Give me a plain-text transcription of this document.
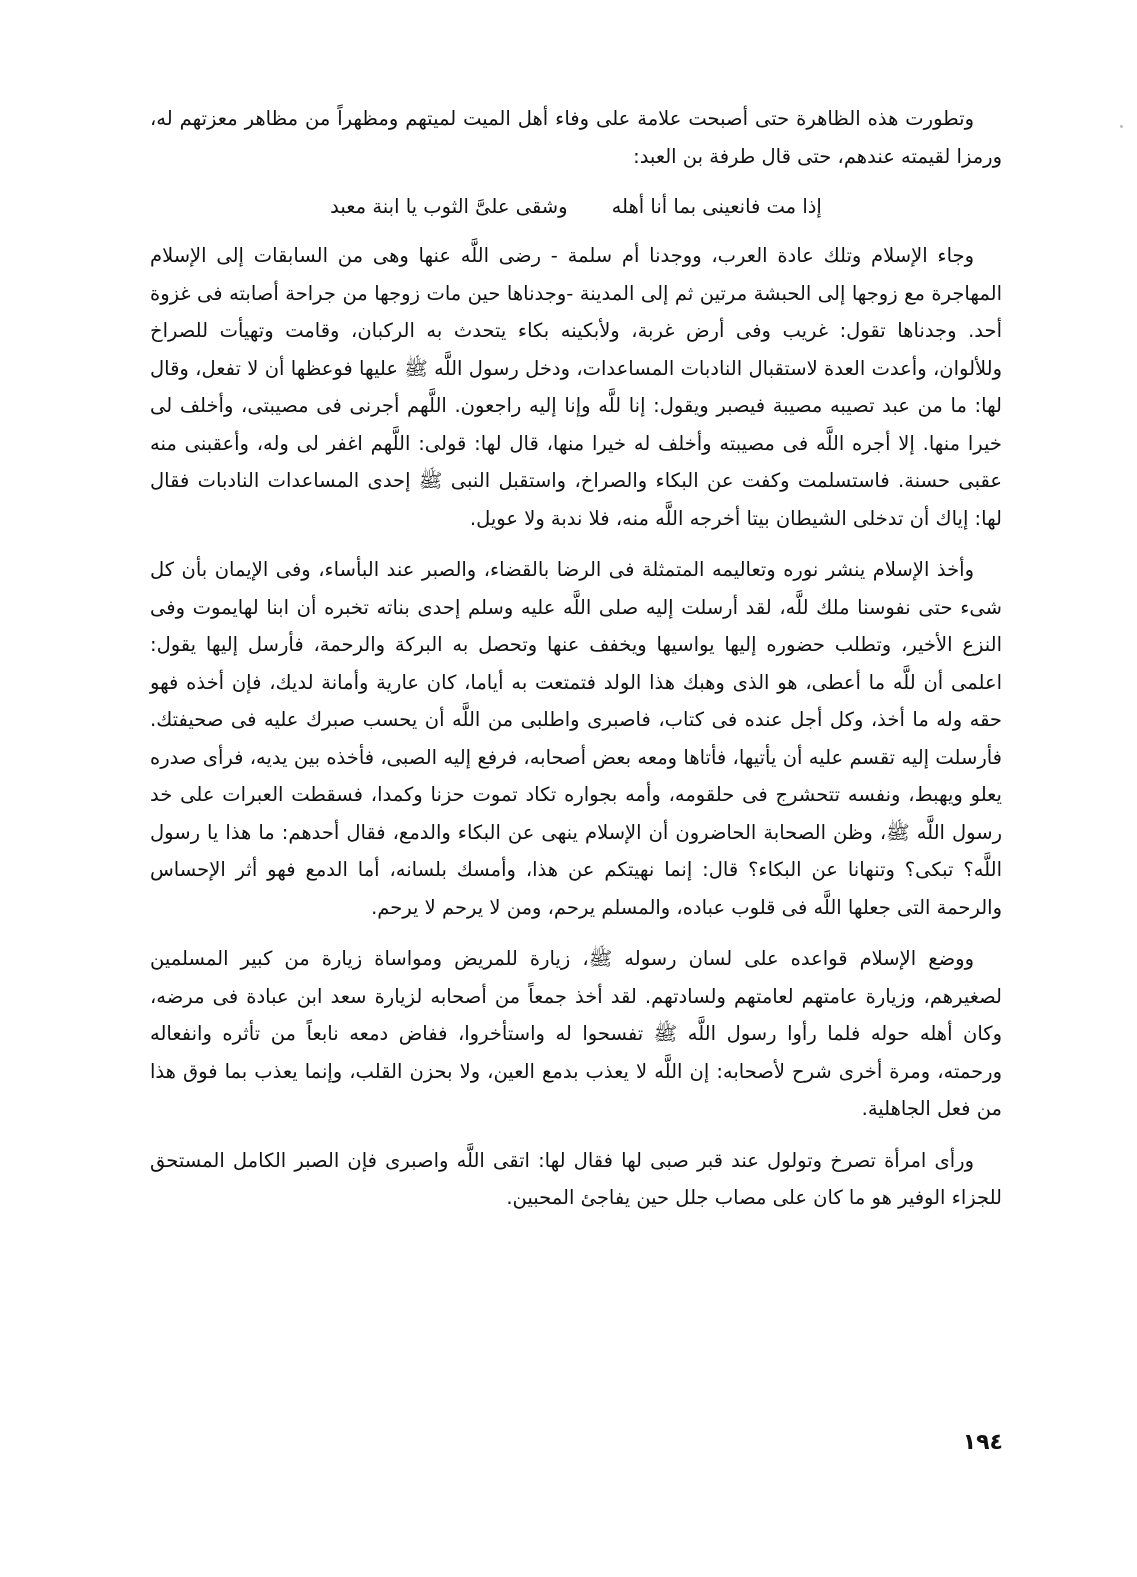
وتطورت هذه الظاهرة حتى أصبحت علامة على وفاء أهل الميت لميتهم ومظهراً من مظاهر معزتهم له، ورمزا لقيمته عندهم، حتى قال طرفة بن العبد:

إذا مت فانعينى بما أنا أهله
وشقى علىَّ الثوب يا ابنة معبد

وجاء الإسلام وتلك عادة العرب، ووجدنا أم سلمة - رضى اللَّه عنها وهى من السابقات إلى الإسلام المهاجرة مع زوجها إلى الحبشة مرتين ثم إلى المدينة -وجدناها حين مات زوجها من جراحة أصابته فى غزوة أحد. وجدناها تقول: غريب وفى أرض غربة، ولأبكينه بكاء يتحدث به الركبان، وقامت وتهيأت للصراخ وللألوان، وأعدت العدة لاستقبال النادبات المساعدات، ودخل رسول اللَّه ﷺ عليها فوعظها أن لا تفعل، وقال لها: ما من عبد تصيبه مصيبة فيصبر ويقول: إنا للَّه وإنا إليه راجعون. اللَّهم أجرنى فى مصيبتى، وأخلف لى خيرا منها. إلا أجره اللَّه فى مصيبته وأخلف له خيرا منها، قال لها: قولى: اللَّهم اغفر لى وله، وأعقبنى منه عقبى حسنة. فاستسلمت وكفت عن البكاء والصراخ، واستقبل النبى ﷺ إحدى المساعدات النادبات فقال لها: إياك أن تدخلى الشيطان بيتا أخرجه اللَّه منه، فلا ندبة ولا عويل.

وأخذ الإسلام ينشر نوره وتعاليمه المتمثلة فى الرضا بالقضاء، والصبر عند البأساء، وفى الإيمان بأن كل شىء حتى نفوسنا ملك للَّه، لقد أرسلت إليه صلى اللَّه عليه وسلم إحدى بناته تخبره أن ابنا لهايموت وفى النزع الأخير، وتطلب حضوره إليها يواسيها ويخفف عنها وتحصل به البركة والرحمة، فأرسل إليها يقول: اعلمى أن للَّه ما أعطى، هو الذى وهبك هذا الولد فتمتعت به أياما، كان عارية وأمانة لديك، فإن أخذه فهو حقه وله ما أخذ، وكل أجل عنده فى كتاب، فاصبرى واطلبى من اللَّه أن يحسب صبرك عليه فى صحيفتك. فأرسلت إليه تقسم عليه أن يأتيها، فأتاها ومعه بعض أصحابه، فرفع إليه الصبى، فأخذه بين يديه، فرأى صدره يعلو ويهبط، ونفسه تتحشرج فى حلقومه، وأمه بجواره تكاد تموت حزنا وكمدا، فسقطت العبرات على خد رسول اللَّه ﷺ، وظن الصحابة الحاضرون أن الإسلام ينهى عن البكاء والدمع، فقال أحدهم: ما هذا يا رسول اللَّه؟ تبكى؟ وتنهانا عن البكاء؟ قال: إنما نهيتكم عن هذا، وأمسك بلسانه، أما الدمع فهو أثر الإحساس والرحمة التى جعلها اللَّه فى قلوب عباده، والمسلم يرحم، ومن لا يرحم لا يرحم.

ووضع الإسلام قواعده على لسان رسوله ﷺ، زيارة للمريض ومواساة زيارة من كبير المسلمين لصغيرهم، وزيارة عامتهم لعامتهم ولسادتهم. لقد أخذ جمعاً من أصحابه لزيارة سعد ابن عبادة فى مرضه، وكان أهله حوله فلما رأوا رسول اللَّه ﷺ تفسحوا له واستأخروا، ففاض دمعه نابعاً من تأثره وانفعاله ورحمته، ومرة أخرى شرح لأصحابه: إن اللَّه لا يعذب بدمع العين، ولا بحزن القلب، وإنما يعذب بما فوق هذا من فعل الجاهلية.

ورأى امرأة تصرخ وتولول عند قبر صبى لها فقال لها: اتقى اللَّه واصبرى فإن الصبر الكامل المستحق للجزاء الوفير هو ما كان على مصاب جلل حين يفاجئ المحبين.

١٩٤
